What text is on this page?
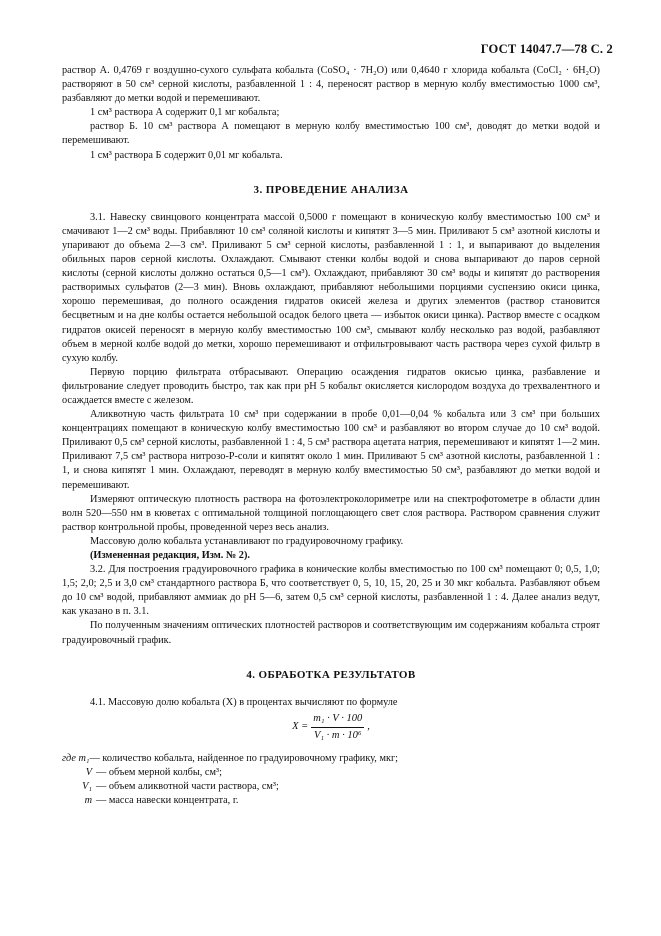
ГОСТ 14047.7—78 С. 2

раствор А. 0,4769 г воздушно-сухого сульфата кобальта (CoSO₄ · 7H₂O) или 0,4640 г хлорида кобальта (CoCl₂ · 6H₂O) растворяют в 50 см³ серной кислоты, разбавленной 1 : 4, переносят раствор в мерную колбу вместимостью 1000 см³, разбавляют до метки водой и перемешивают.

1 см³ раствора А содержит 0,1 мг кобальта;

раствор Б. 10 см³ раствора А помещают в мерную колбу вместимостью 100 см³, доводят до метки водой и перемешивают.

1 см³ раствора Б содержит 0,01 мг кобальта.

3. ПРОВЕДЕНИЕ АНАЛИЗА

3.1. Навеску свинцового концентрата массой 0,5000 г помещают в коническую колбу вместимостью 100 см³ и смачивают 1—2 см³ воды. Прибавляют 10 см³ соляной кислоты и кипятят 3—5 мин. Приливают 5 см³ азотной кислоты и упаривают до объема 2—3 см³. Приливают 5 см³ серной кислоты, разбавленной 1 : 1, и выпаривают до выделения обильных паров серной кислоты. Охлаждают. Смывают стенки колбы водой и снова выпаривают до паров серной кислоты (серной кислоты должно остаться 0,5—1 см³). Охлаждают, прибавляют 30 см³ воды и кипятят до растворения растворимых сульфатов (2—3 мин). Вновь охлаждают, прибавляют небольшими порциями суспензию окиси цинка, хорошо перемешивая, до полного осаждения гидратов окисей железа и других элементов (раствор становится бесцветным и на дне колбы остается небольшой осадок белого цвета — избыток окиси цинка). Раствор вместе с осадком гидратов окисей переносят в мерную колбу вместимостью 100 см³, смывают колбу несколько раз водой, разбавляют объем в мерной колбе водой до метки, хорошо перемешивают и отфильтровывают часть раствора через сухой фильтр в сухую колбу.

Первую порцию фильтрата отбрасывают. Операцию осаждения гидратов окисью цинка, разбавление и фильтрование следует проводить быстро, так как при pH 5 кобальт окисляется кислородом воздуха до трехвалентного и осаждается вместе с железом.

Аликвотную часть фильтрата 10 см³ при содержании в пробе 0,01—0,04 % кобальта или 3 см³ при больших концентрациях помещают в коническую колбу вместимостью 100 см³ и разбавляют во втором случае до 10 см³ водой. Приливают 0,5 см³ серной кислоты, разбавленной 1 : 4, 5 см³ раствора ацетата натрия, перемешивают и кипятят 1—2 мин. Приливают 7,5 см³ раствора нитрозо-Р-соли и кипятят около 1 мин. Приливают 5 см³ азотной кислоты, разбавленной 1 : 1, и снова кипятят 1 мин. Охлаждают, переводят в мерную колбу вместимостью 50 см³, разбавляют до метки водой и перемешивают.

Измеряют оптическую плотность раствора на фотоэлектроколориметре или на спектрофотометре в области длин волн 520—550 нм в кюветах с оптимальной толщиной поглощающего свет слоя раствора. Раствором сравнения служит раствор контрольной пробы, проведенной через весь анализ.

Массовую долю кобальта устанавливают по градуировочному графику.

(Измененная редакция, Изм. № 2).

3.2. Для построения градуировочного графика в конические колбы вместимостью по 100 см³ помещают 0; 0,5, 1,0; 1,5; 2,0; 2,5 и 3,0 см³ стандартного раствора Б, что соответствует 0, 5, 10, 15, 20, 25 и 30 мкг кобальта. Разбавляют объем до 10 см³ водой, прибавляют аммиак до pH 5—6, затем 0,5 см³ серной кислоты, разбавленной 1 : 4. Далее анализ ведут, как указано в п. 3.1.

По полученным значениям оптических плотностей растворов и соответствующим им содержаниям кобальта строят градуировочный график.

4. ОБРАБОТКА РЕЗУЛЬТАТОВ

4.1. Массовую долю кобальта (X) в процентах вычисляют по формуле

$X = \frac{\text{m₁ · V · 100}}{\text{V₁ · m · 10⁶}}$ ,
где m₁ — количество кобальта, найденное по градуировочному графику, мкг;
V — объем мерной колбы, см³;
V₁ — объем аликвотной части раствора, см³;
m — масса навески концентрата, г.
